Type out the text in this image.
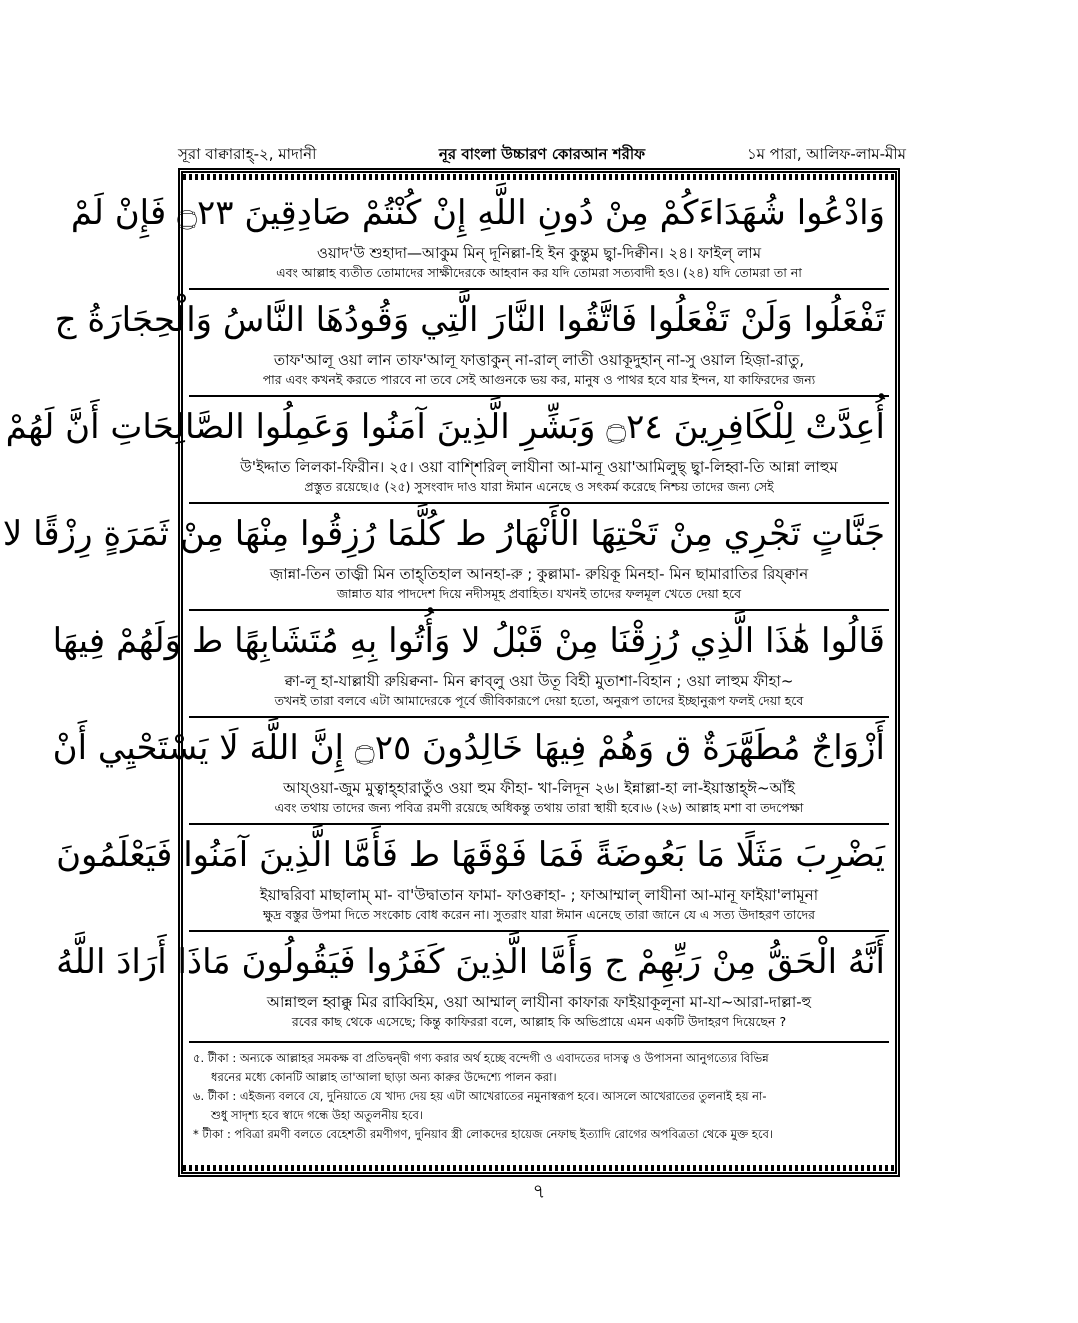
সূরা বাক্বারাহ্-২, মাদানী	নূর বাংলা উচ্চারণ কোরআন শরীফ	১ম পারা, আলিফ-লাম-মীম
وَادْعُوا شُهَدَاءَكُمْ مِنْ دُونِ اللَّهِ إِنْ كُنْتُمْ صَادِقِينَ ۝٢٣ فَإِنْ لَمْ
ওয়াদ'উ শুহাদা—আকুম মিন্ দূনিল্লা-হি ইন কুন্তুম ছ্বা-দিক্বীন। ২৪। ফাইল্ লাম
এবং আল্লাহ ব্যতীত তোমাদের সাক্ষীদেরকে আহবান কর যদি তোমরা সত্যবাদী হও। (২৪) যদি তোমরা তা না
تَفْعَلُوا وَلَنْ تَفْعَلُوا فَاتَّقُوا النَّارَ الَّتِي وَقُودُهَا النَّاسُ وَالْحِجَارَةُ ج
তাফ'আলূ ওয়া লান তাফ'আলূ ফাত্তাকুন্ না-রাল্ লাতী ওয়াকূদুহান্ না-সু ওয়াল হিজ়া-রাতু,
পার এবং কখনই করতে পারবে না তবে সেই আগুনকে ভয় কর, মানুষ ও পাথর হবে যার ইন্দন, যা কাফিরদের জন্য
أُعِدَّتْ لِلْكَافِرِينَ ۝٢٤ وَبَشِّرِ الَّذِينَ آمَنُوا وَعَمِلُوا الصَّالِحَاتِ أَنَّ لَهُمْ
উ'ইদ্দাত লিলকা-ফিরীন। ২৫। ওয়া বাশ্শিরিল্ লাযীনা আ-মানূ ওয়া'আমিলুছ্ ছ্বা-লিহ্বা-তি আন্না লাহুম
প্রস্তুত রয়েছে।৫ (২৫) সুসংবাদ দাও যারা ঈমান এনেছে ও সৎকর্ম করেছে নিশ্চয় তাদের জন্য সেই
جَنَّاتٍ تَجْرِي مِنْ تَحْتِهَا الْأَنْهَارُ ط كُلَّمَا رُزِقُوا مِنْهَا مِنْ ثَمَرَةٍ رِزْقًا لا
জ়ান্না-তিন তাজ়্রী মিন তাহ্‌তিহাল আনহা-রু ; কুল্লামা- রুয়িকূ মিনহা- মিন ছামারাতির রিয্ক্বান
জান্নাত যার পাদদেশ দিয়ে নদীসমূহ প্রবাহিত। যখনই তাদের ফলমূল খেতে দেয়া হবে
قَالُوا هَٰذَا الَّذِي رُزِقْنَا مِنْ قَبْلُ لا وَأُتُوا بِهِ مُتَشَابِهًا ط وَلَهُمْ فِيهَا
ক্বা-লূ হা-যাল্লাযী রুয়িক্বনা- মিন ক্বাব্‌লু ওয়া উতূ বিহী মুতাশা-বিহান ; ওয়া লাহুম ফীহা~
তখনই তারা বলবে এটা আমাদেরকে পূর্বে জীবিকারূপে দেয়া হতো, অনুরূপ তাদের ইচ্ছানুরূপ ফলই দেয়া হবে
أَزْوَاجٌ مُطَهَّرَةٌ ق وَهُمْ فِيهَا خَالِدُونَ ۝٢٥ إِنَّ اللَّهَ لَا يَسْتَحْيِي أَنْ
আয্ওয়া-জুম মুত্বাহ্‌হারাতুঁও ওয়া হুম ফীহা- খা-লিদূন ২৬। ইন্নাল্লা-হা লা-ইয়াস্তাহ্‌ঈ~আঁই
এবং তথায় তাদের জন্য পবিত্র রমণী রয়েছে অধিকন্তু তথায় তারা স্থায়ী হবে।৬ (২৬) আল্লাহ মশা বা তদপেক্ষা
يَضْرِبَ مَثَلًا مَا بَعُوضَةً فَمَا فَوْقَهَا ط فَأَمَّا الَّذِينَ آمَنُوا فَيَعْلَمُونَ
ইয়াদ্বরিবা মাছালাম্ মা- বা'উদ্বাতান ফামা- ফাওক্বাহা- ; ফাআম্মাল্ লাযীনা আ-মানূ ফাইয়া'লামূনা
ক্ষুদ্র বস্তুর উপমা দিতে সংকোচ বোধ করেন না। সুতরাং যারা ঈমান এনেছে তারা জানে যে এ সত্য উদাহরণ তাদের
أَنَّهُ الْحَقُّ مِنْ رَبِّهِمْ ج وَأَمَّا الَّذِينَ كَفَرُوا فَيَقُولُونَ مَاذَا أَرَادَ اللَّهُ
আন্নাহুল হ্বাক্কু মির রাব্বিহিম, ওয়া আম্মাল্ লাযীনা কাফারূ ফাইয়াকূলূনা মা-যা~আরা-দাল্লা-হু
রবের কাছ থেকে এসেছে; কিন্তু কাফিররা বলে, আল্লাহ কি অভিপ্রায়ে এমন একটি উদাহরণ দিয়েছেন ?
৫. টীকা : অন্যকে আল্লাহর সমকক্ষ বা প্রতিদ্বন্দ্বী গণ্য করার অর্থ হচ্ছে বন্দেগী ও এবাদতের দাসত্ব ও উপাসনা আনুগত্যের বিভিন্ন
ধরনের মধ্যে কোনটি আল্লাহ তা'আলা ছাড়া অন্য কারুর উদ্দেশ্যে পালন করা।
৬. টীকা : এইজন্য বলবে যে, দুনিয়াতে যে খাদ্য দেয় হয় এটা আখেরাতের নমুনাস্বরূপ হবে। আসলে আখেরাতের তুলনাই হয় না-
শুধু সাদৃশ্য হবে স্বাদে গন্ধে উহা অতুলনীয় হবে।
* টীকা : পবিত্রা রমণী বলতে বেহেশতী রমণীগণ, দুনিয়াব স্ত্রী লোকদের হায়েজ নেফাছ ইত্যাদি রোগের অপবিত্রতা থেকে মুক্ত হবে।
৭
